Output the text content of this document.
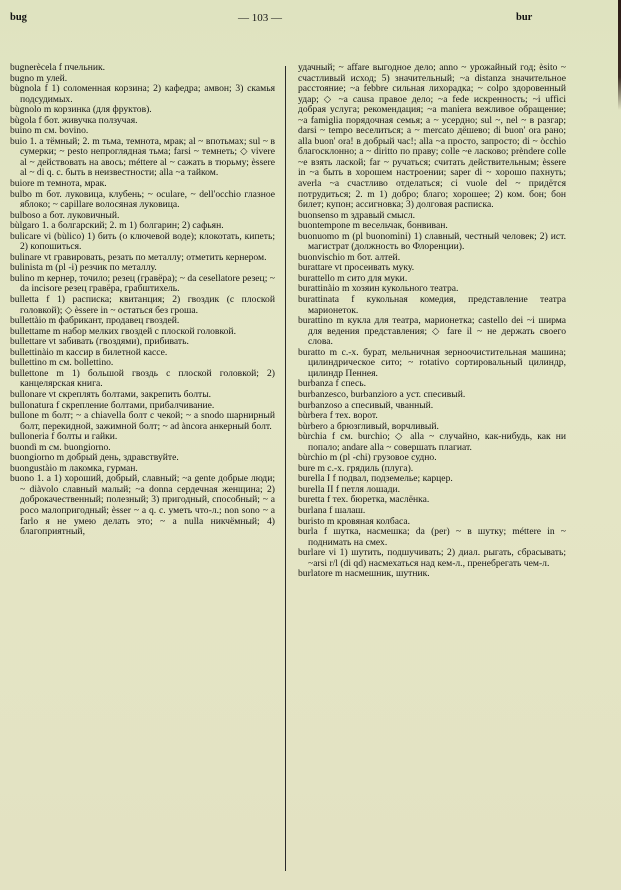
bug	— 103 —	bur

bugnerècela f пчельник.

bugno m улей.

bùgnola f 1) соломенная корзина; 2) кафедра; амвон; 3) скамья подсудимых.

bùgnolo m корзинка (для фруктов).

bùgola f бот. живучка ползучая.

buino m см. bovino.

buio 1. a тёмный; 2. m тьма, темнота, мрак; al ~ впотьмах; sul ~ в сумерки; ~ pesto непроглядная тьма; farsi ~ темнеть; ◇ vivere al ~ действовать на авось; méttere al ~ сажать в тюрьму; èssere al ~ di q. c. быть в неизвестности; alla ~a тайком.

buiore m темнота, мрак.

bulbo m бот. луковица, клубень; ~ oculare, ~ dell'occhio глазное яблоко; ~ capillare волосяная луковица.

bulboso a бот. луковичный.

bùlgaro 1. a болгарский; 2. m 1) болгарин; 2) сафьян.

bulicare vi (bùlico) 1) бить (о ключевой воде); клокотать, кипеть; 2) копошиться.

bulinare vt гравировать, резать по металлу; отметить кернером.

bulinista m (pl -i) резчик по металлу.

bulino m кернер, точило; резец (гравёра); ~ da cesellatore резец; ~ da incisore резец гравёра, грабштихель.

bulletta f 1) расписка; квитанция; 2) гвоздик (с плоской головкой); ◇ èssere in ~ остаться без гроша.

bullettàio m фабрикант, продавец гвоздей.

bullettame m набор мелких гвоздей с плоской головкой.

bullettare vt забивать (гвоздями), прибивать.

bullettinàio m кассир в билетной кассе.

bullettino m см. bollettino.

bullettone m 1) большой гвоздь с плоской головкой; 2) канцелярская книга.

bullonare vt скреплять болтами, закрепить болты.

bullonatura f скрепление болтами, прибалчивание.

bullone m болт; ~ a chiavella болт с чекой; ~ a snodo шарнирный болт, перекидной, зажимной болт; ~ ad àncora анкерный болт.

bulloneria f болты и гайки.

buondì m см. buongiorno.

buongiorno m добрый день, здравствуйте.

buongustàio m лакомка, гурман.

buono 1. a 1) хороший, добрый, славный; ~a gente добрые люди; ~ diàvolo славный малый; ~a donna сердечная женщина; 2) доброкачественный; полезный; 3) пригодный, способный; ~ a poco малопригодный; èsser ~ a q. c. уметь что-л.; non sono ~ a farlo я не умею делать это; ~ a nulla никчёмный; 4) благоприятный,

удачный; ~ affare выгодное дело; anno ~ урожайный год; èsito ~ счастливый исход; 5) значительный; ~a distanza значительное расстояние; ~a febbre сильная лихорадка; ~ colpo здоровенный удар; ◇ ~a causa правое дело; ~a fede искренность; ~i uffici добрая услуга; рекомендация; ~a maniera вежливое обращение; ~a famiglia порядочная семья; a ~ усердно; sul ~, nel ~ в разгар; darsi ~ tempo веселиться; a ~ mercato дёшево; di buon' ora рано; alla buon' ora! в добрый час!; alla ~a просто, запросто; di ~ òcchio благосклонно; a ~ diritto по праву; colle ~e ласково; prèndere colle ~e взять лаской; far ~ ручаться; считать действительным; èssere in ~a быть в хорошем настроении; saper di ~ хорошо пахнуть; averla ~a счастливо отделаться; ci vuole del ~ придётся потрудиться; 2. m 1) добро; благо; хорошее; 2) ком. бон; бон билет; купон; ассигновка; 3) долговая расписка.

buonsenso m здравый смысл.

buontempone m весельчак, бонвиван.

buonuomo m (pl buonomini) 1) славный, честный человек; 2) ист. магистрат (должность во Флоренции).

buonvischio m бот. алтей.

burattare vt просеивать муку.

burattello m сито для муки.

burattinàio m хозяин кукольного театра.

burattinata f кукольная комедия, представление театра марионеток.

burattino m кукла для театра, марионетка; castello dei ~i ширма для ведения представления; ◇ fare il ~ не держать своего слова.

buratto m с.-х. бурат, мельничная зерноочистительная машина; цилиндрическое сито; ~ rotativo сортировальный цилиндр, цилиндр Пеннея.

burbanza f спесь.

burbanzesco, burbanzioro a уст. спесивый.

burbanzoso a спесивый, чванный.

bùrbera f тех. ворот.

bùrbero a брюзгливый, ворчливый.

bùrchia f см. burchio; ◇ alla ~ случайно, как-нибудь, как ни попало; andare alla ~ совершать плагиат.

bùrchio m (pl -chi) грузовое судно.

bure m с.-х. грядиль (плуга).

burella I f подвал, подземелье; карцер.

burella II f петля лошади.

buretta f тех. бюретка, маслёнка.

burlana f шалаш.

buristo m кровяная колбаса.

burla f шутка, насмешка; da (per) ~ в шутку; méttere in ~ поднимать на смех.

burlare vi 1) шутить, подшучивать; 2) диал. рыгать, сбрасывать; ~arsi r/l (di qd) насмехаться над кем-л., пренебрегать чем-л.

burlatore m насмешник, шутник.
